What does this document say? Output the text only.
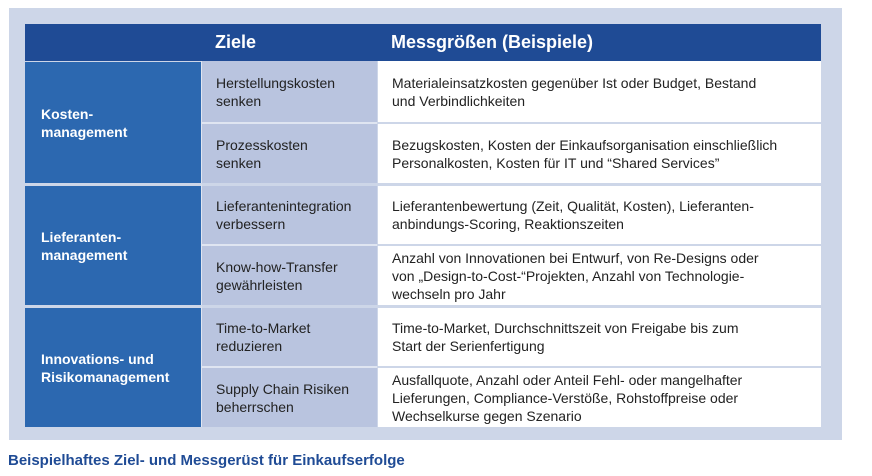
Ziele	Messgrößen (Beispiele)
Kosten-
management
Herstellungskosten
senken
Materialeinsatzkosten gegenüber Ist oder Budget, Bestand
und Verbindlichkeiten
Prozesskosten
senken
Bezugskosten, Kosten der Einkaufsorganisation einschließlich
Personalkosten, Kosten für IT und “Shared Services”
Lieferanten-
management
Lieferantenintegration
verbessern
Lieferantenbewertung (Zeit, Qualität, Kosten), Lieferanten-
anbindungs-Scoring, Reaktionszeiten
Know-how-Transfer
gewährleisten
Anzahl von Innovationen bei Entwurf, von Re-Designs oder
von „Design-to-Cost-“Projekten, Anzahl von Technologie-
wechseln pro Jahr
Innovations- und
Risikomanagement
Time-to-Market
reduzieren
Time-to-Market, Durchschnittszeit von Freigabe bis zum
Start der Serienfertigung
Supply Chain Risiken
beherrschen
Ausfallquote, Anzahl oder Anteil Fehl- oder mangelhafter
Lieferungen, Compliance-Verstöße, Rohstoffpreise oder
Wechselkurse gegen Szenario
Beispielhaftes Ziel- und Messgerüst für Einkaufserfolge
